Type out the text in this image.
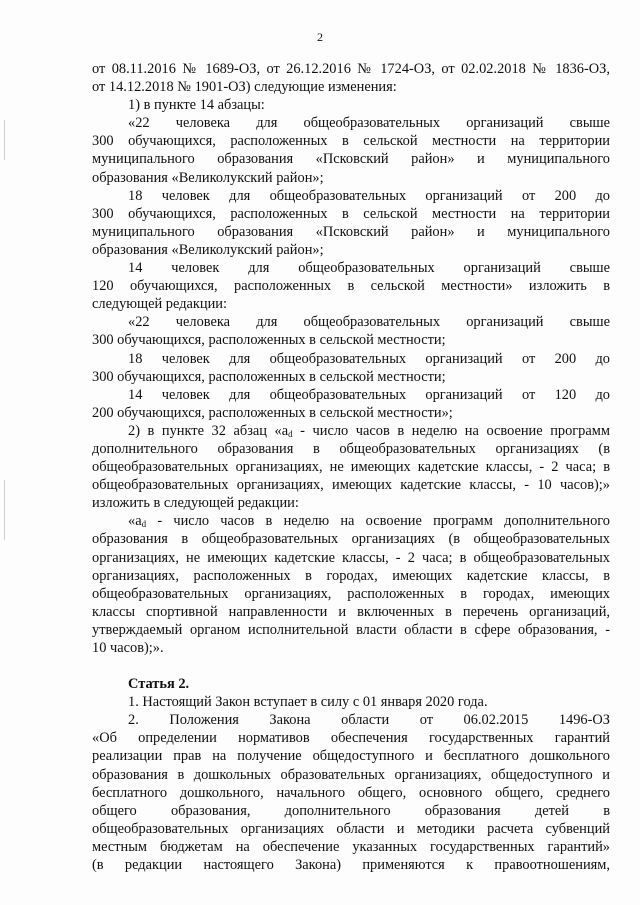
2
от 08.11.2016 № 1689-ОЗ, от 26.12.2016 № 1724-ОЗ, от 02.02.2018 № 1836-ОЗ,
от 14.12.2018 № 1901-ОЗ) следующие изменения:
1) в пункте 14 абзацы:
«22 человека для общеобразовательных организаций свыше
300 обучающихся, расположенных в сельской местности на территории
муниципального образования «Псковский район» и муниципального
образования «Великолукский район»;
18 человек для общеобразовательных организаций от 200 до
300 обучающихся, расположенных в сельской местности на территории
муниципального образования «Псковский район» и муниципального
образования «Великолукский район»;
14 человек для общеобразовательных организаций свыше
120 обучающихся, расположенных в сельской местности» изложить в
следующей редакции:
«22 человека для общеобразовательных организаций свыше
300 обучающихся, расположенных в сельской местности;
18 человек для общеобразовательных организаций от 200 до
300 обучающихся, расположенных в сельской местности;
14 человек для общеобразовательных организаций от 120 до
200 обучающихся, расположенных в сельской местности»;
2) в пункте 32 абзац «$a_d$ - число часов в неделю на освоение программ
дополнительного образования в общеобразовательных организациях (в
общеобразовательных организациях, не имеющих кадетские классы, - 2 часа; в
общеобразовательных организациях, имеющих кадетские классы, - 10 часов);»
изложить в следующей редакции:
«$a_d$ - число часов в неделю на освоение программ дополнительного
образования в общеобразовательных организациях (в общеобразовательных
организациях, не имеющих кадетские классы, - 2 часа; в общеобразовательных
организациях, расположенных в городах, имеющих кадетские классы, в
общеобразовательных организациях, расположенных в городах, имеющих
классы спортивной направленности и включенных в перечень организаций,
утверждаемый органом исполнительной власти области в сфере образования, -
10 часов);».
Статья 2.
1. Настоящий Закон вступает в силу с 01 января 2020 года.
2. Положения Закона области от 06.02.2015 1496-ОЗ
«Об определении нормативов обеспечения государственных гарантий
реализации прав на получение общедоступного и бесплатного дошкольного
образования в дошкольных образовательных организациях, общедоступного и
бесплатного дошкольного, начального общего, основного общего, среднего
общего образования, дополнительного образования детей в
общеобразовательных организациях области и методики расчета субвенций
местным бюджетам на обеспечение указанных государственных гарантий»
(в редакции настоящего Закона) применяются к правоотношениям,
